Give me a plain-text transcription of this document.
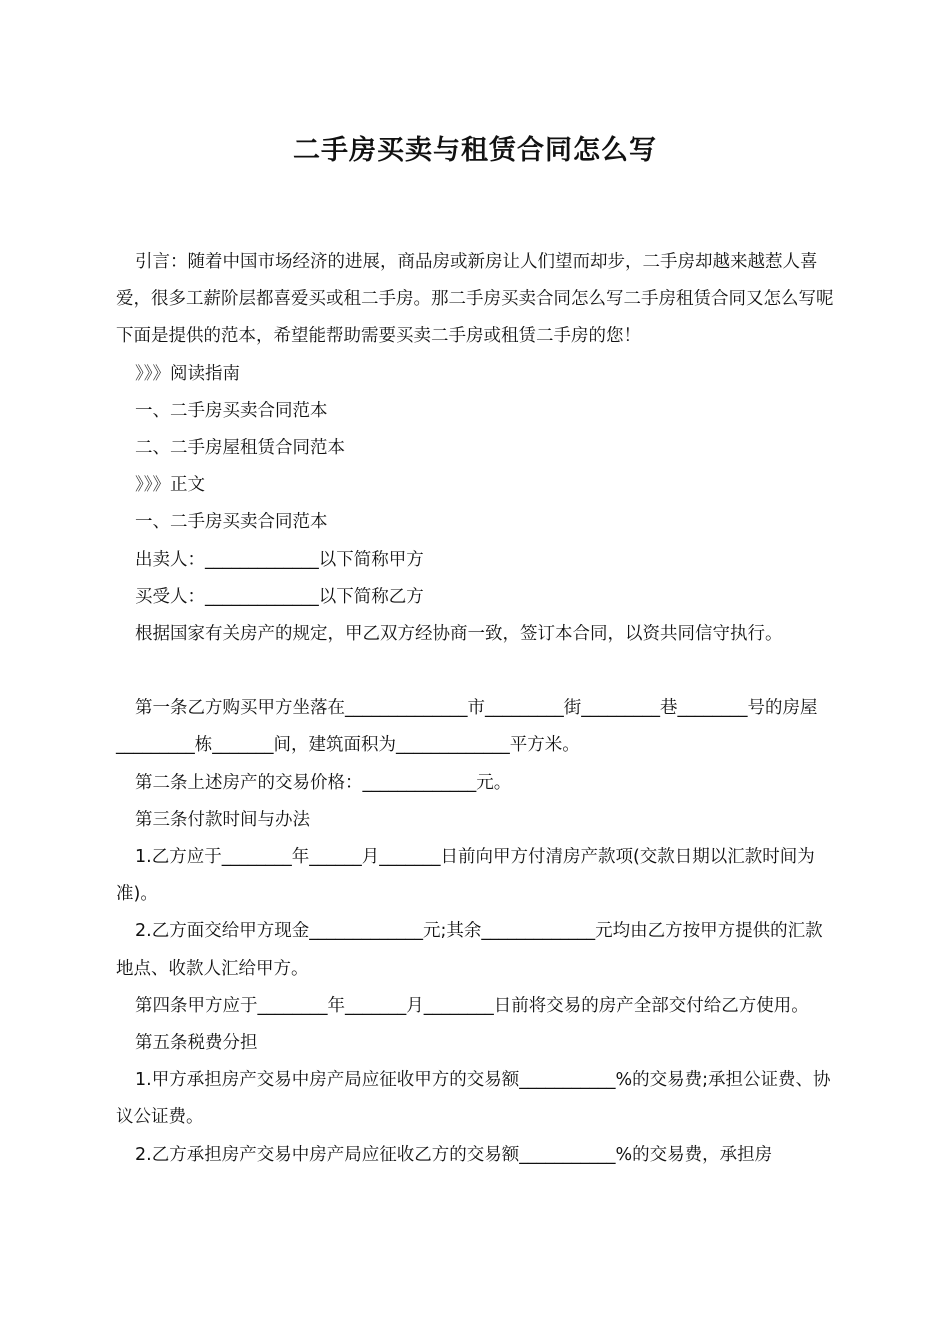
二手房买卖与租赁合同怎么写

引言：随着中国市场经济的进展，商品房或新房让人们望而却步，二手房却越来越惹人喜爱，很多工薪阶层都喜爱买或租二手房。那二手房买卖合同怎么写二手房租赁合同又怎么写呢下面是提供的范本，希望能帮助需要买卖二手房或租赁二手房的您！

》》》阅读指南

一、二手房买卖合同范本

二、二手房屋租赁合同范本

》》》正文

一、二手房买卖合同范本

出卖人：_____________以下简称甲方

买受人：_____________以下简称乙方

根据国家有关房产的规定，甲乙双方经协商一致，签订本合同，以资共同信守执行。

第一条乙方购买甲方坐落在______________市_________街_________巷________号的房屋_________栋_______间，建筑面积为_____________平方米。

第二条上述房产的交易价格：_____________元。

第三条付款时间与办法

1.乙方应于________年______月_______日前向甲方付清房产款项(交款日期以汇款时间为准)。

2.乙方面交给甲方现金_____________元;其余_____________元均由乙方按甲方提供的汇款地点、收款人汇给甲方。

第四条甲方应于________年_______月________日前将交易的房产全部交付给乙方使用。

第五条税费分担

1.甲方承担房产交易中房产局应征收甲方的交易额___________%的交易费;承担公证费、协议公证费。

2.乙方承担房产交易中房产局应征收乙方的交易额___________%的交易费，承担房
